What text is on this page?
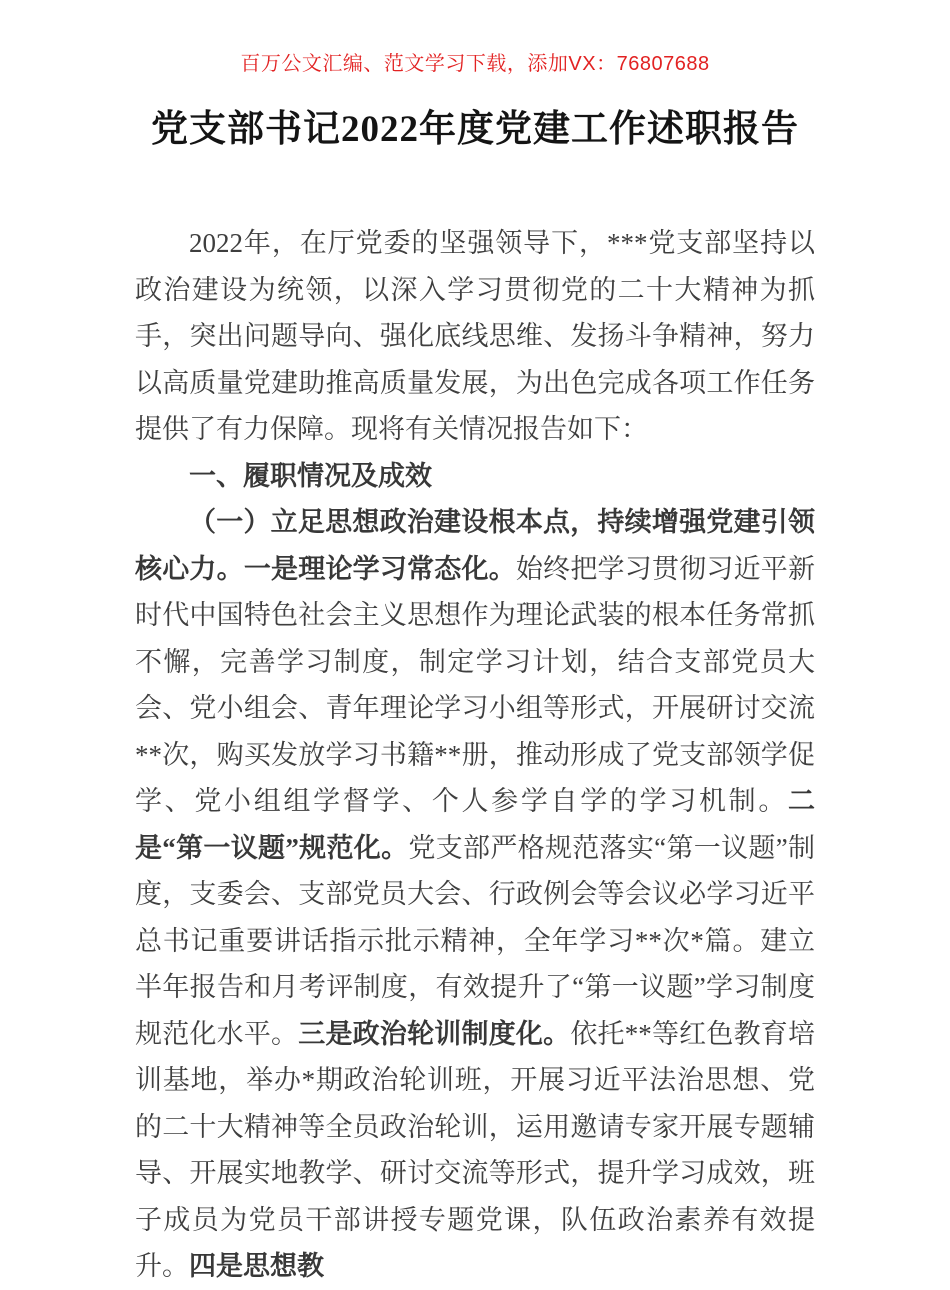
百万公文汇编、范文学习下载，添加VX：76807688
党支部书记2022年度党建工作述职报告

2022年，在厅党委的坚强领导下，***党支部坚持以政治建设为统领，以深入学习贯彻党的二十大精神为抓手，突出问题导向、强化底线思维、发扬斗争精神，努力以高质量党建助推高质量发展，为出色完成各项工作任务提供了有力保障。现将有关情况报告如下：

一、履职情况及成效

（一）立足思想政治建设根本点，持续增强党建引领核心力。一是理论学习常态化。始终把学习贯彻习近平新时代中国特色社会主义思想作为理论武装的根本任务常抓不懈，完善学习制度，制定学习计划，结合支部党员大会、党小组会、青年理论学习小组等形式，开展研讨交流**次，购买发放学习书籍**册，推动形成了党支部领学促学、党小组组学督学、个人参学自学的学习机制。二是“第一议题”规范化。党支部严格规范落实“第一议题”制度，支委会、支部党员大会、行政例会等会议必学习近平总书记重要讲话指示批示精神，全年学习**次*篇。建立半年报告和月考评制度，有效提升了“第一议题”学习制度规范化水平。三是政治轮训制度化。依托**等红色教育培训基地，举办*期政治轮训班，开展习近平法治思想、党的二十大精神等全员政治轮训，运用邀请专家开展专题辅导、开展实地教学、研讨交流等形式，提升学习成效，班子成员为党员干部讲授专题党课，队伍政治素养有效提升。四是思想教
